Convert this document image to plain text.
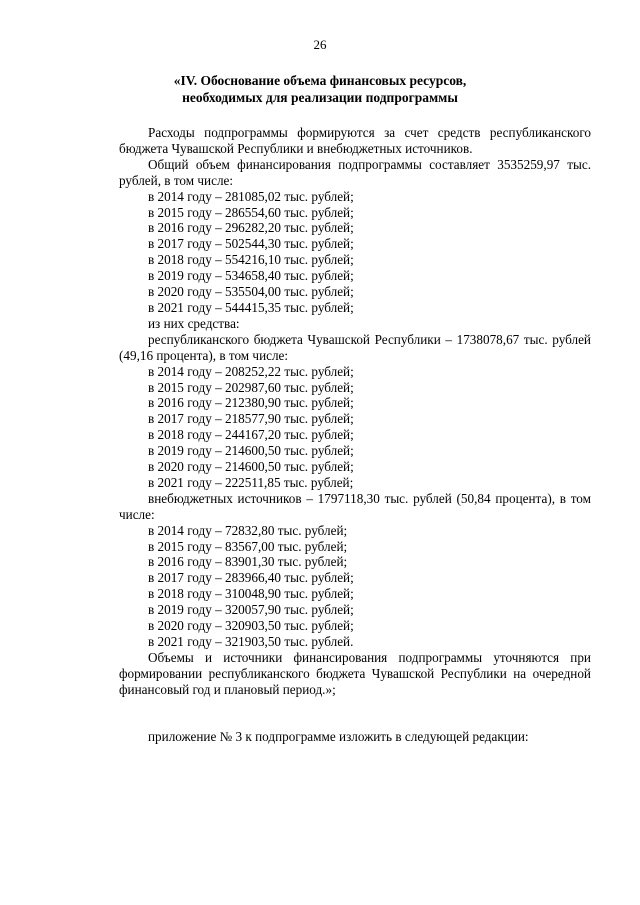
26
«IV. Обоснование объема финансовых ресурсов,
необходимых для реализации подпрограммы

Расходы подпрограммы формируются за счет средств республиканского бюджета Чувашской Республики и внебюджетных источников.

Общий объем финансирования подпрограммы составляет 3535259,97 тыс. рублей, в том числе:

в 2014 году – 281085,02 тыс. рублей;

в 2015 году – 286554,60 тыс. рублей;

в 2016 году – 296282,20 тыс. рублей;

в 2017 году – 502544,30 тыс. рублей;

в 2018 году – 554216,10 тыс. рублей;

в 2019 году – 534658,40 тыс. рублей;

в 2020 году – 535504,00 тыс. рублей;

в 2021 году – 544415,35 тыс. рублей;

из них средства:

республиканского бюджета Чувашской Республики – 1738078,67 тыс. рублей (49,16 процента), в том числе:

в 2014 году – 208252,22 тыс. рублей;

в 2015 году – 202987,60 тыс. рублей;

в 2016 году – 212380,90 тыс. рублей;

в 2017 году – 218577,90 тыс. рублей;

в 2018 году – 244167,20 тыс. рублей;

в 2019 году – 214600,50 тыс. рублей;

в 2020 году – 214600,50 тыс. рублей;

в 2021 году – 222511,85 тыс. рублей;

внебюджетных источников – 1797118,30 тыс. рублей (50,84 процента), в том числе:

в 2014 году – 72832,80 тыс. рублей;

в 2015 году – 83567,00 тыс. рублей;

в 2016 году – 83901,30 тыс. рублей;

в 2017 году – 283966,40 тыс. рублей;

в 2018 году – 310048,90 тыс. рублей;

в 2019 году – 320057,90 тыс. рублей;

в 2020 году – 320903,50 тыс. рублей;

в 2021 году – 321903,50 тыс. рублей.

Объемы и источники финансирования подпрограммы уточняются при формировании республиканского бюджета Чувашской Республики на очередной финансовый год и плановый период.»;

приложение № 3 к подпрограмме изложить в следующей редакции:
